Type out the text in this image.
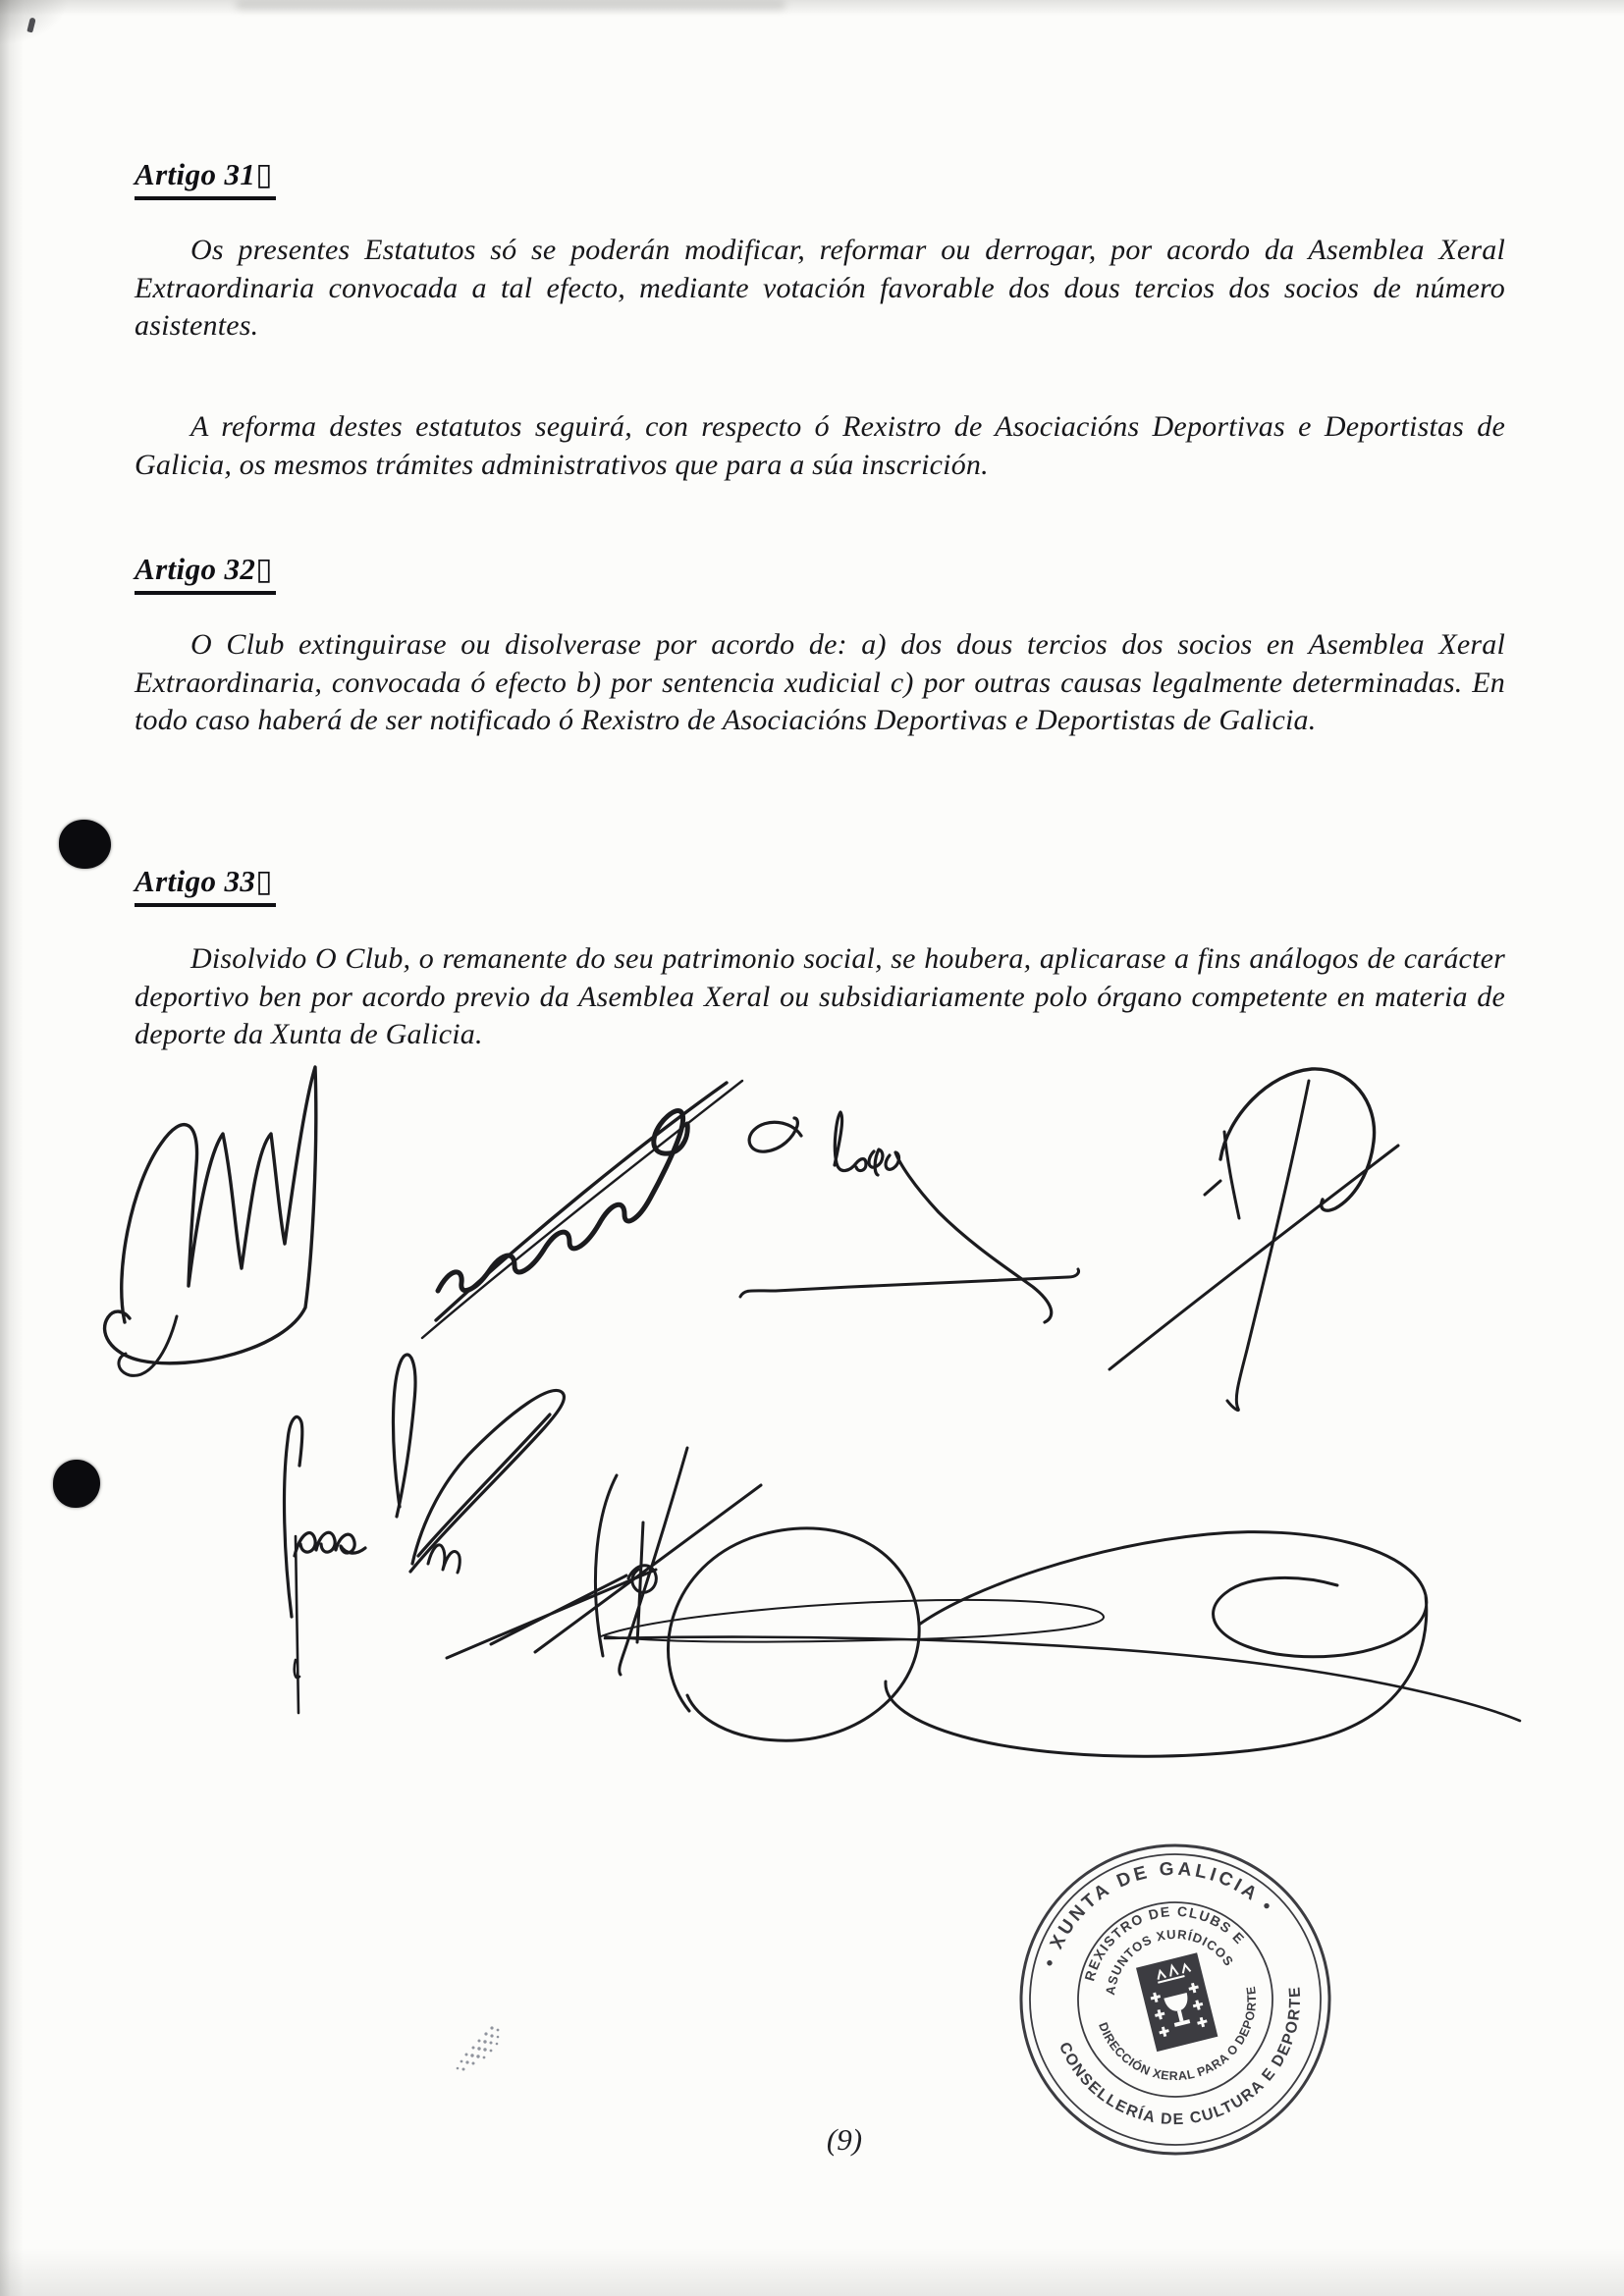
Artigo 31▯
Os presentes Estatutos só se poderán modificar, reformar ou derrogar, por acordo da Asemblea Xeral Extraordinaria convocada a tal efecto, mediante votación favorable dos dous tercios dos socios de número asistentes.
A reforma destes estatutos seguirá, con respecto ó Rexistro de Asociacións Deportivas e Deportistas de Galicia, os mesmos trámites administrativos que para a súa inscrición.
Artigo 32▯
O Club extinguirase ou disolverase por acordo de: a) dos dous tercios dos socios en Asemblea Xeral Extraordinaria, convocada ó efecto b) por sentencia xudicial c) por outras causas legalmente determinadas. En todo caso haberá de ser notificado ó Rexistro de Asociacións Deportivas e Deportistas de Galicia.
Artigo 33▯
Disolvido O Club, o remanente do seu patrimonio social, se houbera, aplicarase a fins análogos de carácter deportivo ben por acordo previo da Asemblea Xeral ou subsidiariamente polo órgano competente en materia de deporte da Xunta de Galicia.
• XUNTA DE GALICIA •
CONSELLERÍA DE CULTURA E DEPORTE
REXISTRO DE CLUBS E
ASUNTOS XURÍDICOS
DIRECCIÓN XERAL PARA O DEPORTE
(9)
